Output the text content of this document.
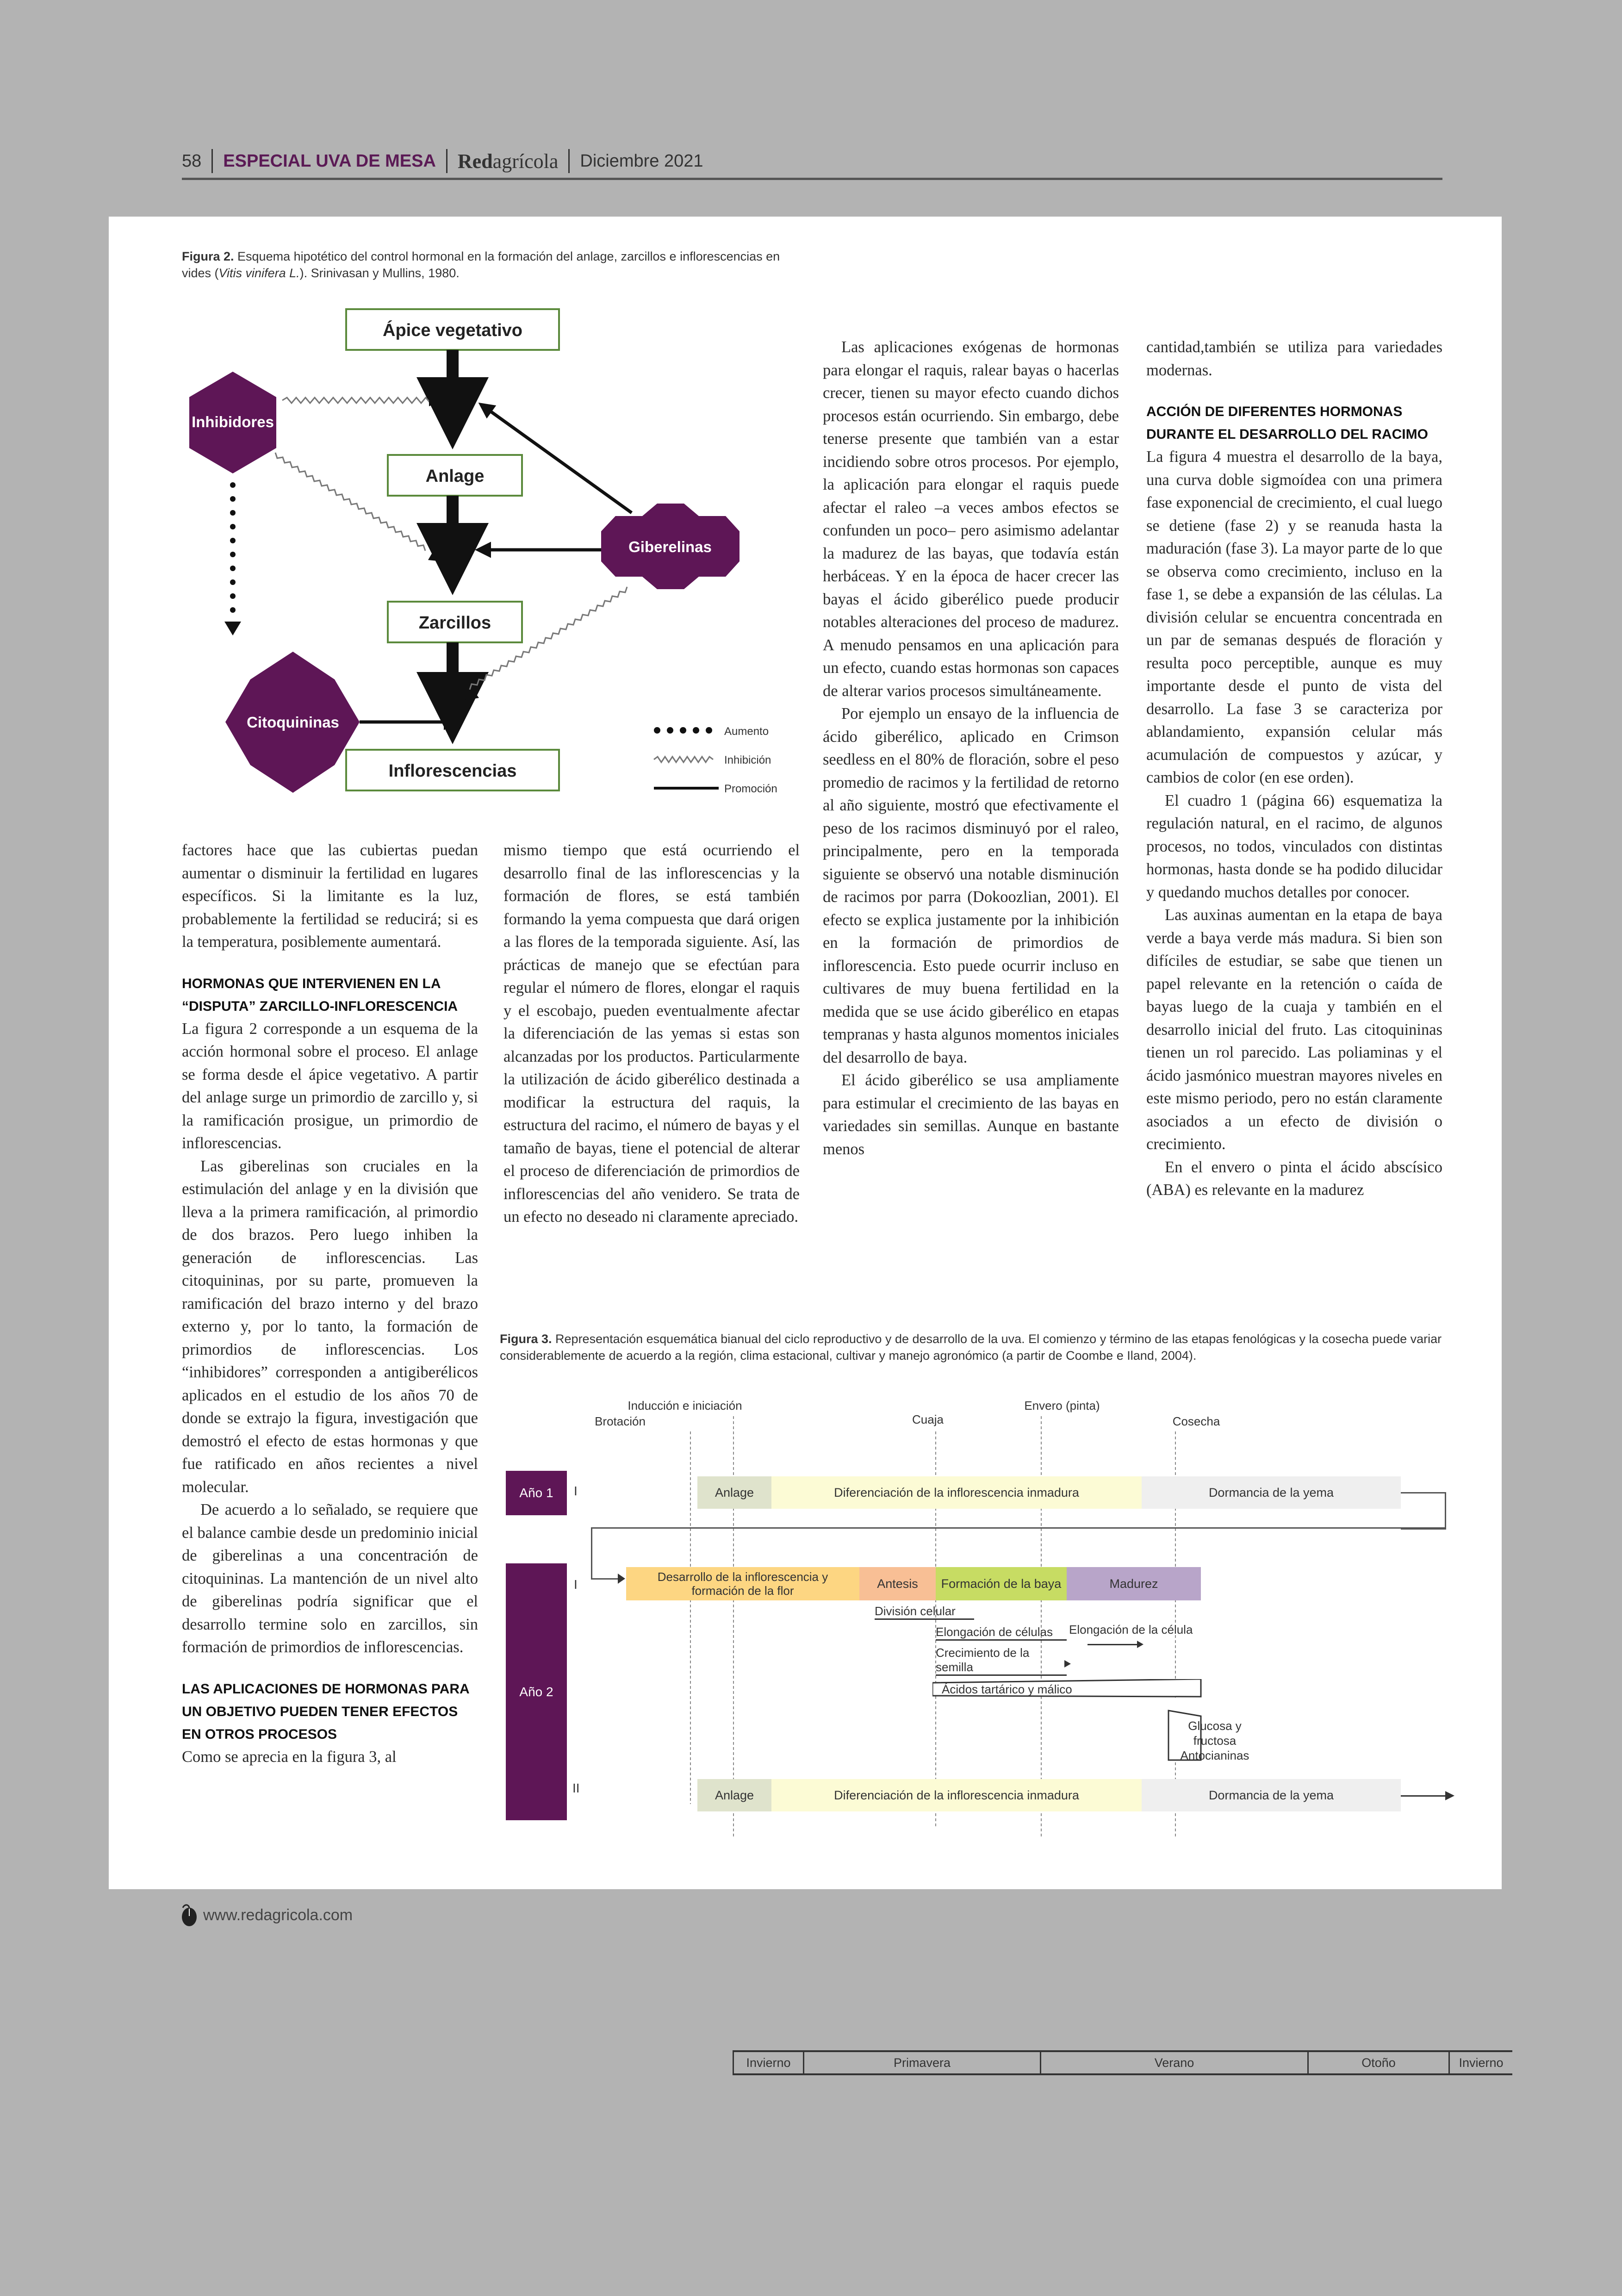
58 ESPECIAL UVA DE MESA Redagrícola Diciembre 2021
Figura 2. Esquema hipotético del control hormonal en la formación del anlage, zarcillos e inflorescencias en
vides (Vitis vinifera L.). Srinivasan y Mullins, 1980.
Ápice vegetativo
Anlage
Zarcillos
Inflorescencias
Inhibidores
Giberelinas
Citoquininas
Aumento
Inhibición
Promoción

Las aplicaciones exógenas de hormonas para elongar el raquis, ralear bayas o hacerlas crecer, tienen su mayor efecto cuando dichos procesos están ocurriendo. Sin embargo, debe tenerse presente que también van a estar incidiendo sobre otros procesos. Por ejemplo, la aplicación para elongar el raquis puede afectar el raleo –a veces ambos efectos se confunden un poco– pero asimismo adelantar la madurez de las bayas, que todavía están herbáceas. Y en la época de hacer crecer las bayas el ácido giberélico puede producir notables alteraciones del proceso de madurez. A menudo pensamos en una aplicación para un efecto, cuando estas hormonas son capaces de alterar varios procesos simultáneamente.

Por ejemplo un ensayo de la influencia de ácido giberélico, aplicado en Crimson seedless en el 80% de floración, sobre el peso promedio de racimos y la fertilidad de retorno al año siguiente, mostró que efectivamente el peso de los racimos disminuyó por el raleo, principalmente, pero en la temporada siguiente se observó una notable disminución de racimos por parra (Dokoozlian, 2001). El efecto se explica justamente por la inhibición en la formación de primordios de inflorescencia. Esto puede ocurrir incluso en cultivares de muy buena fertilidad en la medida que se use ácido giberélico en etapas tempranas y hasta algunos momentos iniciales del desarrollo de baya.

El ácido giberélico se usa ampliamente para estimular el crecimiento de las bayas en variedades sin semillas. Aunque en bastante menos

cantidad,también se utiliza para variedades modernas.

ACCIÓN DE DIFERENTES HORMONAS DURANTE EL DESARROLLO DEL RACIMO

La figura 4 muestra el desarrollo de la baya, una curva doble sigmoídea con una primera fase exponencial de crecimiento, el cual luego se detiene (fase 2) y se reanuda hasta la maduración (fase 3). La mayor parte de lo que se observa como crecimiento, incluso en la fase 1, se debe a expansión de las células. La división celular se encuentra concentrada en un par de semanas después de floración y resulta poco perceptible, aunque es muy importante desde el punto de vista del desarrollo. La fase 3 se caracteriza por ablandamiento, expansión celular más acumulación de compuestos y azúcar, y cambios de color (en ese orden).

El cuadro 1 (página 66) esquematiza la regulación natural, en el racimo, de algunos procesos, no todos, vinculados con distintas hormonas, hasta donde se ha podido dilucidar y quedando muchos detalles por conocer.

Las auxinas aumentan en la etapa de baya verde a baya verde más madura. Si bien son difíciles de estudiar, se sabe que tienen un papel relevante en la retención o caída de bayas luego de la cuaja y también en el desarrollo inicial del fruto. Las citoquininas tienen un rol parecido. Las poliaminas y el ácido jasmónico muestran mayores niveles en este mismo periodo, pero no están claramente asociados a un efecto de división o crecimiento.

En el envero o pinta el ácido abscísico (ABA) es relevante en la madurez

factores hace que las cubiertas puedan aumentar o disminuir la fertilidad en lugares específicos. Si la limitante es la luz, probablemente la fertilidad se reducirá; si es la temperatura, posiblemente aumentará.

HORMONAS QUE INTERVIENEN EN LA “DISPUTA” ZARCILLO-INFLORESCENCIA

La figura 2 corresponde a un esquema de la acción hormonal sobre el proceso. El anlage se forma desde el ápice vegetativo. A partir del anlage surge un primordio de zarcillo y, si la ramificación prosigue, un primordio de inflorescencias.

Las giberelinas son cruciales en la estimulación del anlage y en la división que lleva a la primera ramificación, al primordio de dos brazos. Pero luego inhiben la generación de inflorescencias. Las citoquininas, por su parte, promueven la ramificación del brazo interno y del brazo externo y, por lo tanto, la formación de primordios de inflorescencias. Los “inhibidores” corresponden a antigiberélicos aplicados en el estudio de los años 70 de donde se extrajo la figura, investigación que demostró el efecto de estas hormonas y que fue ratificado en años recientes a nivel molecular.

De acuerdo a lo señalado, se requiere que el balance cambie desde un predominio inicial de giberelinas a una concentración de citoquininas. La mantención de un nivel alto de giberelinas podría significar que el desarrollo termine solo en zarcillos, sin formación de primordios de inflorescencias.

LAS APLICACIONES DE HORMONAS PARA UN OBJETIVO PUEDEN TENER EFECTOS EN OTROS PROCESOS

Como se aprecia en la figura 3, al

mismo tiempo que está ocurriendo el desarrollo final de las inflorescencias y la formación de flores, se está también formando la yema compuesta que dará origen a las flores de la temporada siguiente. Así, las prácticas de manejo que se efectúan para regular el número de flores, elongar el raquis y el escobajo, pueden eventualmente afectar la diferenciación de las yemas si estas son alcanzadas por los productos. Particularmente la utilización de ácido giberélico destinada a modificar la estructura del raquis, la estructura del racimo, el número de bayas y el tamaño de bayas, tiene el potencial de alterar el proceso de diferenciación de primordios de inflorescencias del año venidero. Se trata de un efecto no deseado ni claramente apreciado.

Figura 3. Representación esquemática bianual del ciclo reproductivo y de desarrollo de la uva. El comienzo y término de las etapas fenológicas y la cosecha puede variar
considerablemente de acuerdo a la región, clima estacional, cultivar y manejo agronómico (a partir de Coombe e Iland, 2004).
Inducción e iniciación
Brotación	Cuaja
Envero (pinta)
Cosecha
Año 1 I	Anlage	Diferenciación de la inflorescencia inmadura	Dormancia de la yema
Año 2
I
II
Desarrollo de la inflorescencia y
formación de la flor
Antesis Formación de la baya	Madurez
División celular
Elongación de células	Elongación de la célula
Crecimiento de la semilla
Ácidos tartárico y málico
Glucosa y fructosa
Antocianinas
Anlage	Diferenciación de la inflorescencia inmadura	Dormancia de la yema
Invierno	Primavera	Verano	Otoño	Invierno
www.redagricola.com
